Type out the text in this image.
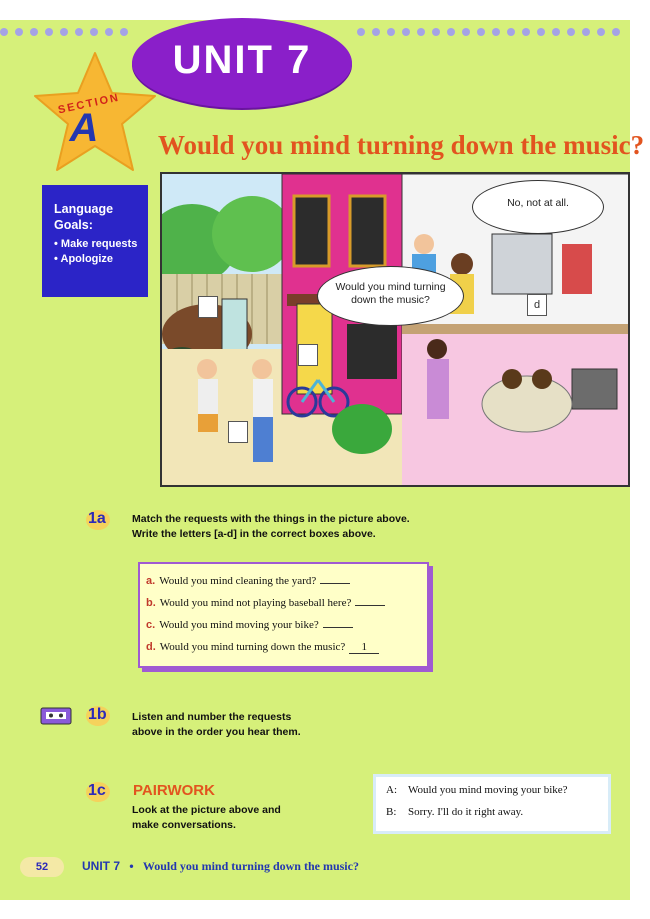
UNIT 7
SECTION
A Would you mind turning down the music?
Language Goals:
• Make requests
• Apologize
No, not at all.
Would you mind turning down the music?	d
1a Match the requests with the things in the picture above.
Write the letters [a-d] in the correct boxes above.
a. Would you mind cleaning the yard?
b. Would you mind not playing baseball here?
c. Would you mind moving your bike?
d. Would you mind turning down the music? 1
1b Listen and number the requests
above in the order you hear them.
1c PAIRWORK
Look at the picture above and
make conversations.
A: Would you mind moving your bike?
B: Sorry. I'll do it right away.
52	UNIT 7 • Would you mind turning down the music?
